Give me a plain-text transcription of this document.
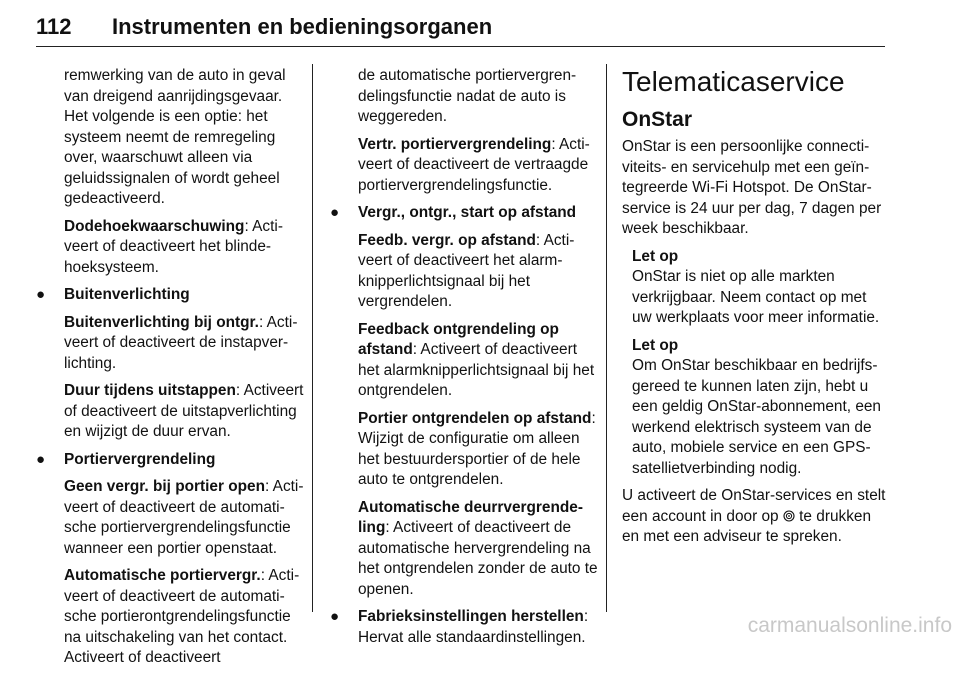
112 Instrumenten en bedieningsorganen

remwerking van de auto in geval van dreigend aanrijdingsgevaar. Het volgende is een optie: het systeem neemt de remregeling over, waarschuwt alleen via geluidssignalen of wordt geheel gedeactiveerd.

Dodehoekwaarschuwing: Activeert of deactiveert het blindehoeksysteem.

● Buitenverlichting

Buitenverlichting bij ontgr.: Activeert of deactiveert de instapverlichting.

Duur tijdens uitstappen: Activeert of deactiveert de uitstapverlichting en wijzigt de duur ervan.

● Portiervergrendeling

Geen vergr. bij portier open: Activeert of deactiveert de automatische portiervergrendelingsfunctie wanneer een portier openstaat.

Automatische portiervergr.: Activeert of deactiveert de automatische portierontgrendelingsfunctie na uitschakeling van het contact. Activeert of deactiveert

de automatische portiervergrendelingsfunctie nadat de auto is weggereden.

Vertr. portiervergrendeling: Activeert of deactiveert de vertraagde portiervergrendelingsfunctie.

● Vergr., ontgr., start op afstand

Feedb. vergr. op afstand: Activeert of deactiveert het alarmknipperlichtsignaal bij het vergrendelen.

Feedback ontgrendeling op afstand: Activeert of deactiveert het alarmknipperlichtsignaal bij het ontgrendelen.

Portier ontgrendelen op afstand: Wijzigt de configuratie om alleen het bestuurdersportier of de hele auto te ontgrendelen.

Automatische deurrvergrendeling: Activeert of deactiveert de automatische hervergrendeling na het ontgrendelen zonder de auto te openen.

● Fabrieksinstellingen herstellen: Hervat alle standaardinstellingen.

Telematicaservice
OnStar

OnStar is een persoonlijke connectiviteits- en servicehulp met een geïntegreerde Wi-Fi Hotspot. De OnStar-service is 24 uur per dag, 7 dagen per week beschikbaar.

Let op
OnStar is niet op alle markten verkrijgbaar. Neem contact op met uw werkplaats voor meer informatie.
Let op
Om OnStar beschikbaar en bedrijfsgereed te kunnen laten zijn, hebt u een geldig OnStar-abonnement, een werkend elektrisch systeem van de auto, mobiele service en een GPS-satellietverbinding nodig.

U activeert de OnStar-services en stelt een account in door op  te drukken en met een adviseur te spreken.

carmanualsonline.info
